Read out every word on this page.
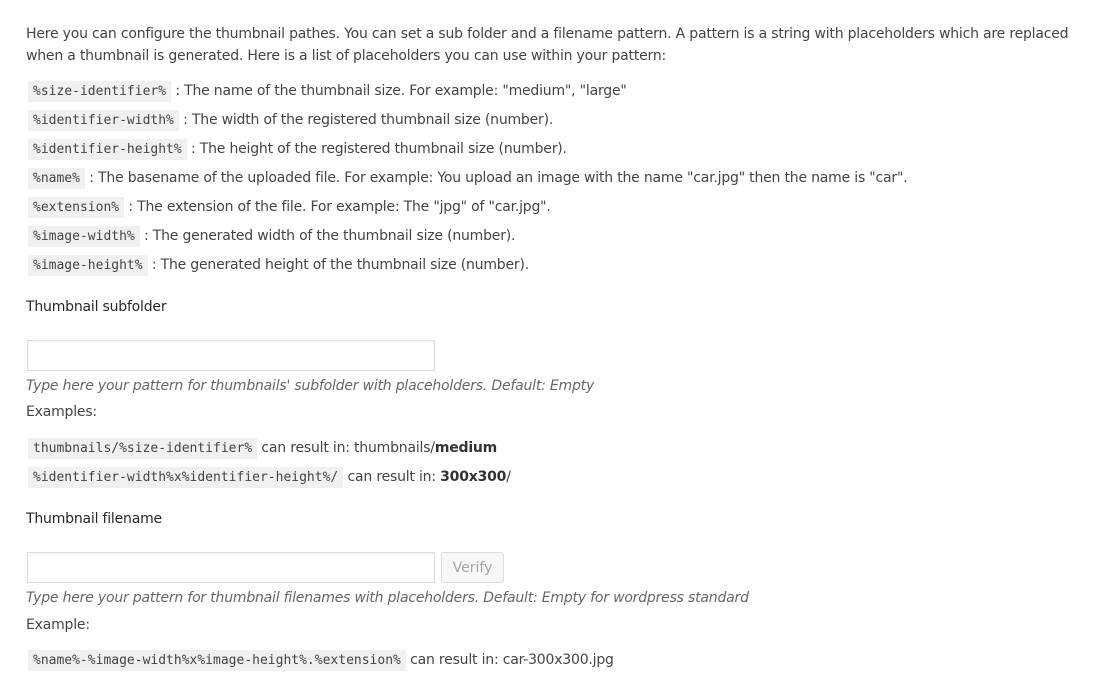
Here you can configure the thumbnail pathes. You can set a sub folder and a filename pattern. A pattern is a string with placeholders which are replaced when a thumbnail is generated. Here is a list of placeholders you can use within your pattern:
%size-identifier% : The name of the thumbnail size. For example: "medium", "large"
%identifier-width% : The width of the registered thumbnail size (number).
%identifier-height% : The height of the registered thumbnail size (number).
%name% : The basename of the uploaded file. For example: You upload an image with the name "car.jpg" then the name is "car".
%extension% : The extension of the file. For example: The "jpg" of "car.jpg".
%image-width% : The generated width of the thumbnail size (number).
%image-height% : The generated height of the thumbnail size (number).
Thumbnail subfolder
Type here your pattern for thumbnails' subfolder with placeholders. Default: Empty
Examples:
thumbnails/%size-identifier% can result in: thumbnails/medium
%identifier-width%x%identifier-height%/ can result in: 300x300/
Thumbnail filename
Verify
Type here your pattern for thumbnail filenames with placeholders. Default: Empty for wordpress standard
Example:
%name%-%image-width%x%image-height%.%extension% can result in: car-300x300.jpg
